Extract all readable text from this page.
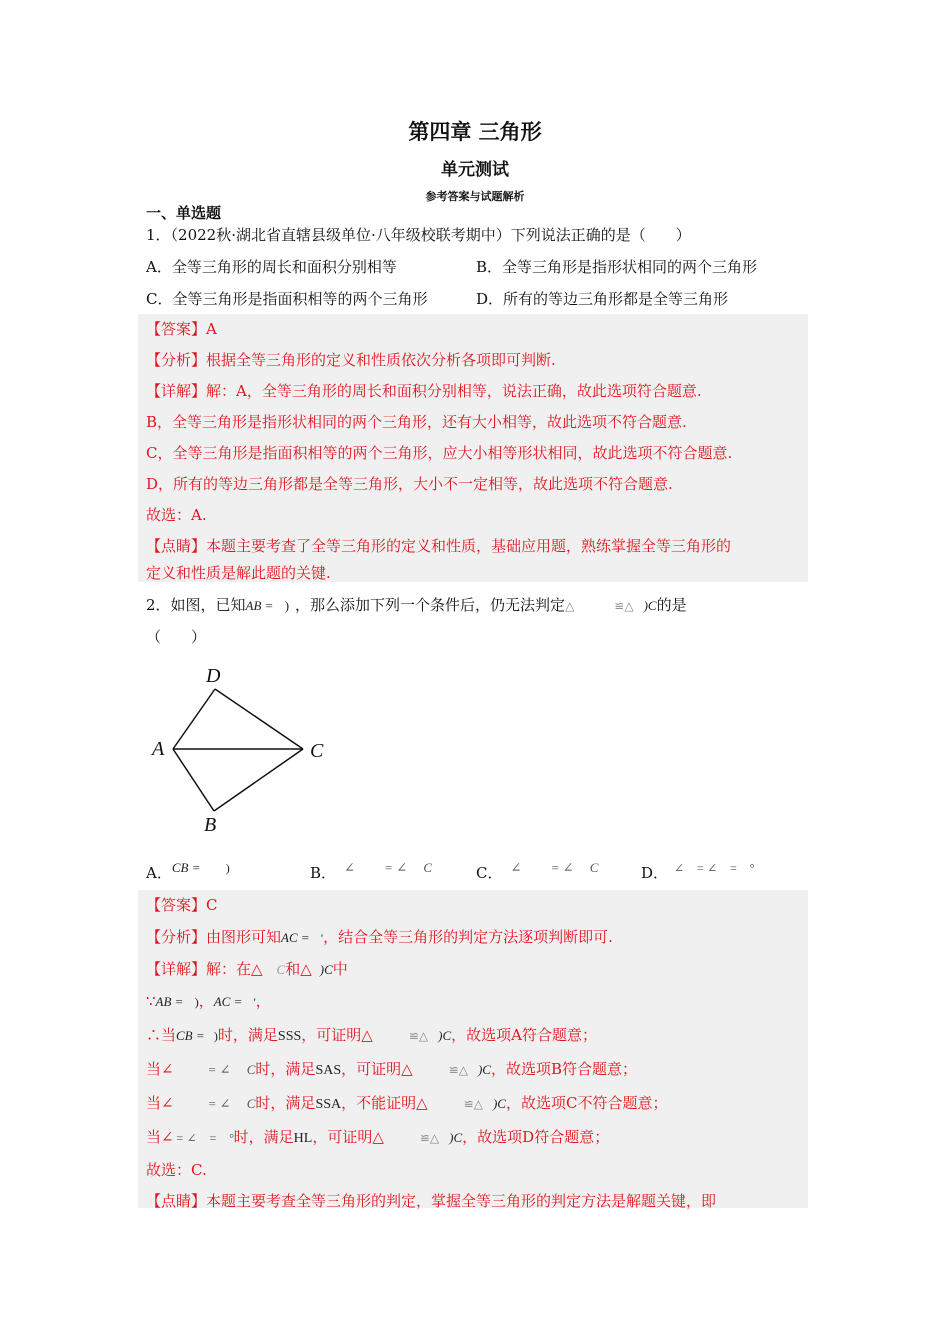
第四章 三角形
单元测试
参考答案与试题解析
一、单选题
1．（2022秋·湖北省直辖县级单位·八年级校联考期中）下列说法正确的是（　　）
A．全等三角形的周长和面积分别相等	B．全等三角形是指形状相同的两个三角形
C．全等三角形是指面积相等的两个三角形	D．所有的等边三角形都是全等三角形
【答案】A
【分析】根据全等三角形的定义和性质依次分析各项即可判断.
【详解】解：A，全等三角形的周长和面积分别相等，说法正确，故此选项符合题意.
B，全等三角形是指形状相同的两个三角形，还有大小相等，故此选项不符合题意.
C，全等三角形是指面积相等的两个三角形，应大小相等形状相同，故此选项不符合题意.
D，所有的等边三角形都是全等三角形，大小不一定相等，故此选项不符合题意.
故选：A.
【点睛】本题主要考查了全等三角形的定义和性质，基础应用题，熟练掌握全等三角形的
定义和性质是解此题的关键.
2．如图，已知AB = ) ，那么添加下列一个条件后，仍无法判定△	≌△ )C的是
（　　）
D
A	C
B
A．CB = )	B． ∠　　 = ∠　 C	C． ∠　　 = ∠　 C	D． ∠　= ∠　=　°
【答案】C
【分析】由图形可知AC = '，结合全等三角形的判定方法逐项判断即可.
【详解】解：在△ C和△ )C中
∵AB = )，AC = '，
∴当CB = )时，满足SSS，可证明△	≌△ )C，故选项A符合题意；
当∠	= ∠　 C时，满足SAS，可证明△	≌△ )C，故选项B符合题意；
当∠	= ∠　 C时，满足SSA，不能证明△	≌△ )C，故选项C不符合题意；
当∠ = ∠　=　°时，满足HL，可证明△	≌△ )C，故选项D符合题意；
故选：C.
【点睛】本题主要考查全等三角形的判定，掌握全等三角形的判定方法是解题关键，即
